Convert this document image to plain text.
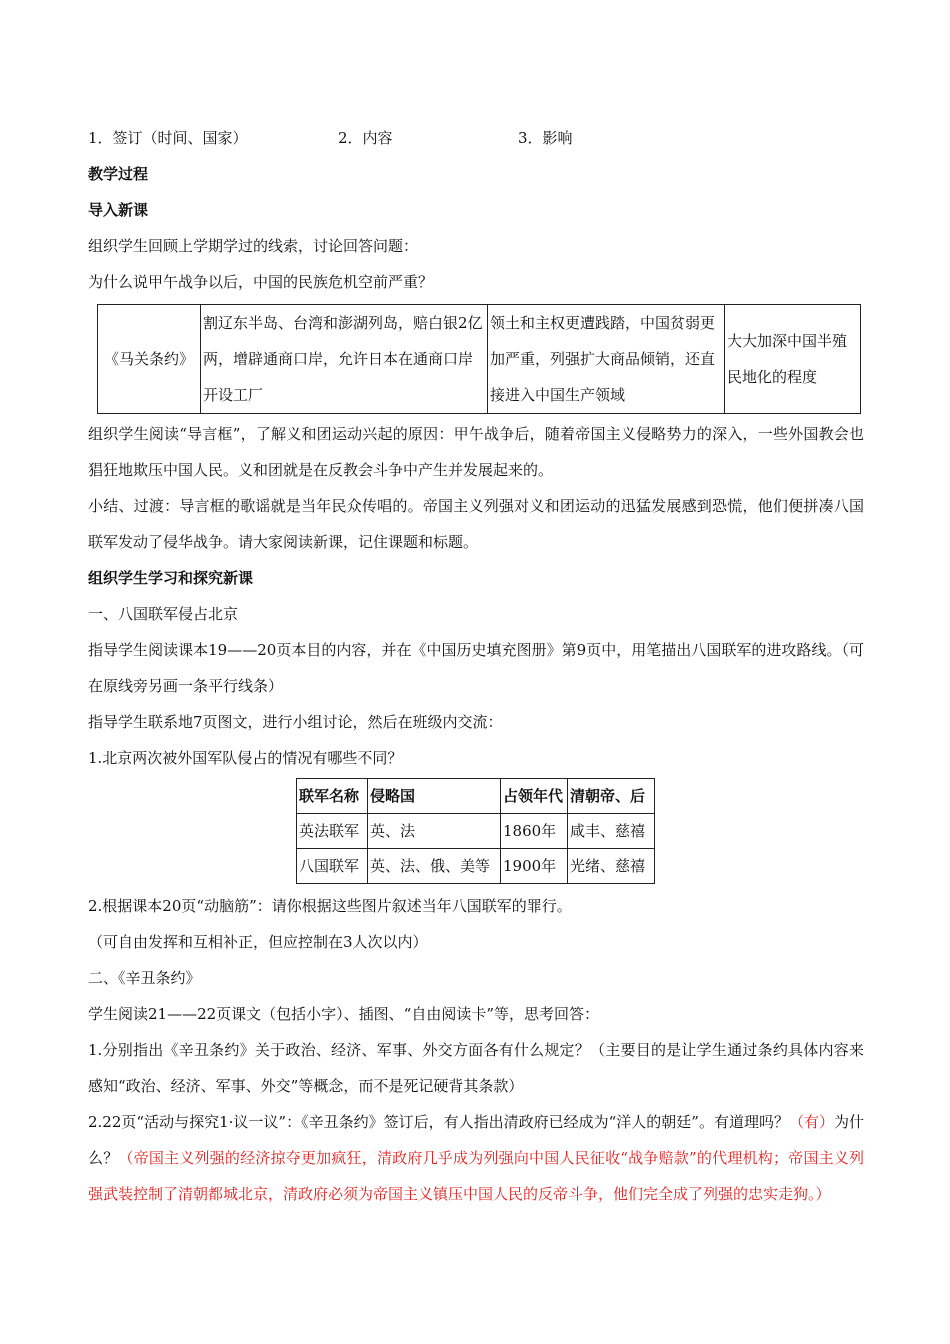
1．签订（时间、国家）	2．内容	3．影响
教学过程
导入新课
组织学生回顾上学期学过的线索，讨论回答问题：
为什么说甲午战争以后，中国的民族危机空前严重？
《马关条约》	割辽东半岛、台湾和澎湖列岛，赔白银2亿两，增辟通商口岸，允许日本在通商口岸开设工厂	领土和主权更遭践踏，中国贫弱更加严重，列强扩大商品倾销，还直接进入中国生产领域	大大加深中国半殖民地化的程度

组织学生阅读“导言框”，了解义和团运动兴起的原因：甲午战争后，随着帝国主义侵略势力的深入，一些外国教会也猖狂地欺压中国人民。义和团就是在反教会斗争中产生并发展起来的。

小结、过渡：导言框的歌谣就是当年民众传唱的。帝国主义列强对义和团运动的迅猛发展感到恐慌，他们便拼凑八国联军发动了侵华战争。请大家阅读新课，记住课题和标题。

组织学生学习和探究新课
一、八国联军侵占北京

指导学生阅读课本19——20页本目的内容，并在《中国历史填充图册》第9页中，用笔描出八国联军的进攻路线。（可在原线旁另画一条平行线条）

指导学生联系地7页图文，进行小组讨论，然后在班级内交流：
1.北京两次被外国军队侵占的情况有哪些不同？
联军名称	侵略国	占领年代	清朝帝、后
英法联军	英、法	1860年	咸丰、慈禧
八国联军	英、法、俄、美等	1900年	光绪、慈禧
2.根据课本20页“动脑筋”：请你根据这些图片叙述当年八国联军的罪行。
（可自由发挥和互相补正，但应控制在3人次以内）
二、《辛丑条约》
学生阅读21——22页课文（包括小字）、插图、“自由阅读卡”等，思考回答：

1.分别指出《辛丑条约》关于政治、经济、军事、外交方面各有什么规定？（主要目的是让学生通过条约具体内容来感知“政治、经济、军事、外交”等概念，而不是死记硬背其条款）

2.22页“活动与探究1·议一议”：《辛丑条约》签订后，有人指出清政府已经成为“洋人的朝廷”。有道理吗？（有）为什么？（帝国主义列强的经济掠夺更加疯狂，清政府几乎成为列强向中国人民征收“战争赔款”的代理机构；帝国主义列强武装控制了清朝都城北京，清政府必须为帝国主义镇压中国人民的反帝斗争，他们完全成了列强的忠实走狗。）
